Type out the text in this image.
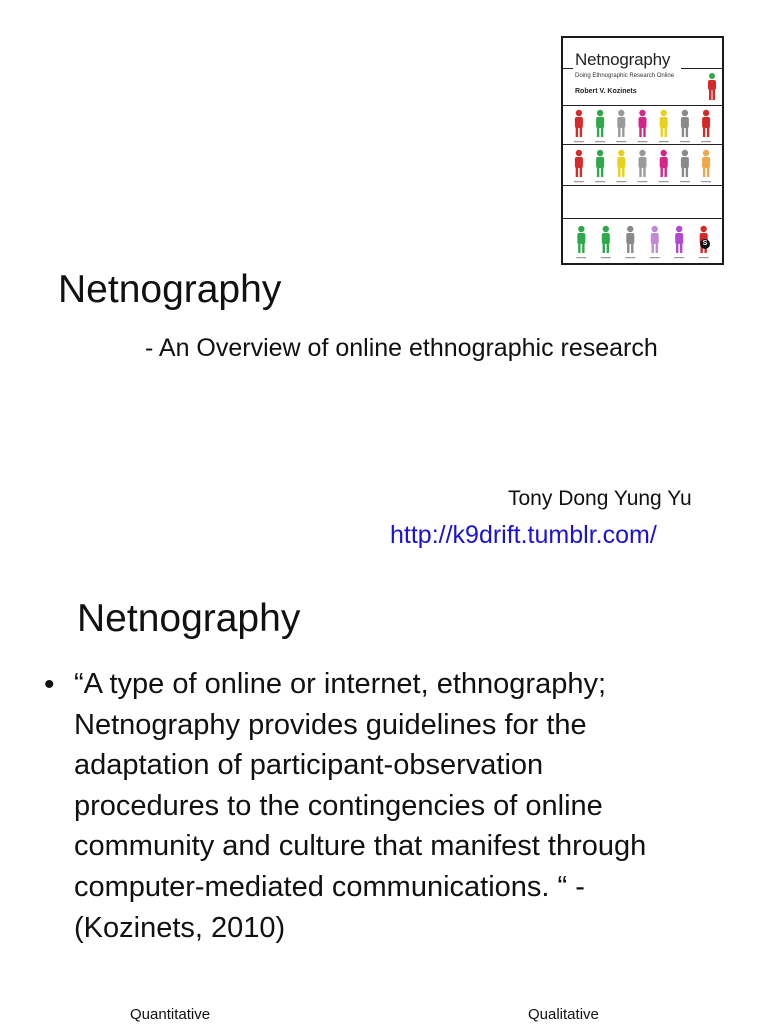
Netnography
Doing Ethnographic Research Online
Robert V. Kozinets
S
Netnography
- An Overview of online ethnographic research
Tony Dong Yung Yu
http://k9drift.tumblr.com/
Netnography
• “A type of online or internet, ethnography;
Netnography provides guidelines for the
adaptation of participant-observation
procedures to the contingencies of online
community and culture that manifest through
computer-mediated communications. “ -
(Kozinets, 2010)
Quantitative	Qualitative
